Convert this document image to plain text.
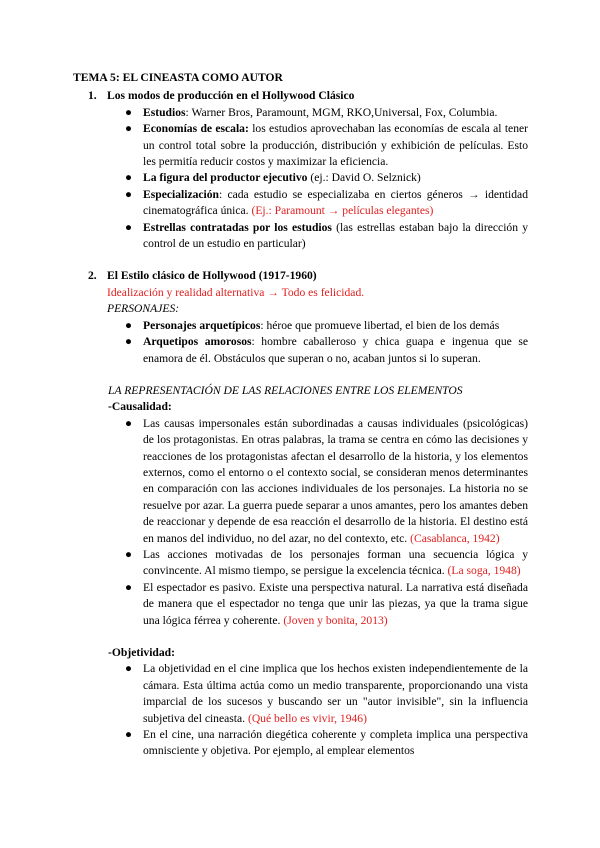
TEMA 5: EL CINEASTA COMO AUTOR
1. Los modos de producción en el Hollywood Clásico
● Estudios: Warner Bros, Paramount, MGM, RKO,Universal, Fox, Columbia.
● Economías de escala: los estudios aprovechaban las economías de escala al tener un control total sobre la producción, distribución y exhibición de películas. Esto les permitía reducir costos y maximizar la eficiencia.
● La figura del productor ejecutivo (ej.: David O. Selznick)
● Especialización: cada estudio se especializaba en ciertos géneros → identidad cinematográfica única. (Ej.: Paramount → películas elegantes)
● Estrellas contratadas por los estudios (las estrellas estaban bajo la dirección y control de un estudio en particular)
2. El Estilo clásico de Hollywood (1917-1960)
Idealización y realidad alternativa → Todo es felicidad.
PERSONAJES:
● Personajes arquetípicos: héroe que promueve libertad, el bien de los demás
● Arquetipos amorosos: hombre caballeroso y chica guapa e ingenua que se enamora de él. Obstáculos que superan o no, acaban juntos si lo superan.
LA REPRESENTACIÓN DE LAS RELACIONES ENTRE LOS ELEMENTOS
-Causalidad:
● Las causas impersonales están subordinadas a causas individuales (psicológicas) de los protagonistas. En otras palabras, la trama se centra en cómo las decisiones y reacciones de los protagonistas afectan el desarrollo de la historia, y los elementos externos, como el entorno o el contexto social, se consideran menos determinantes en comparación con las acciones individuales de los personajes. La historia no se resuelve por azar. La guerra puede separar a unos amantes, pero los amantes deben de reaccionar y depende de esa reacción el desarrollo de la historia. El destino está en manos del individuo, no del azar, no del contexto, etc. (Casablanca, 1942)
● Las acciones motivadas de los personajes forman una secuencia lógica y convincente. Al mismo tiempo, se persigue la excelencia técnica. (La soga, 1948)
● El espectador es pasivo. Existe una perspectiva natural. La narrativa está diseñada de manera que el espectador no tenga que unir las piezas, ya que la trama sigue una lógica férrea y coherente. (Joven y bonita, 2013)
-Objetividad:
● La objetividad en el cine implica que los hechos existen independientemente de la cámara. Esta última actúa como un medio transparente, proporcionando una vista imparcial de los sucesos y buscando ser un "autor invisible", sin la influencia subjetiva del cineasta. (Qué bello es vivir, 1946)
● En el cine, una narración diegética coherente y completa implica una perspectiva omnisciente y objetiva. Por ejemplo, al emplear elementos
